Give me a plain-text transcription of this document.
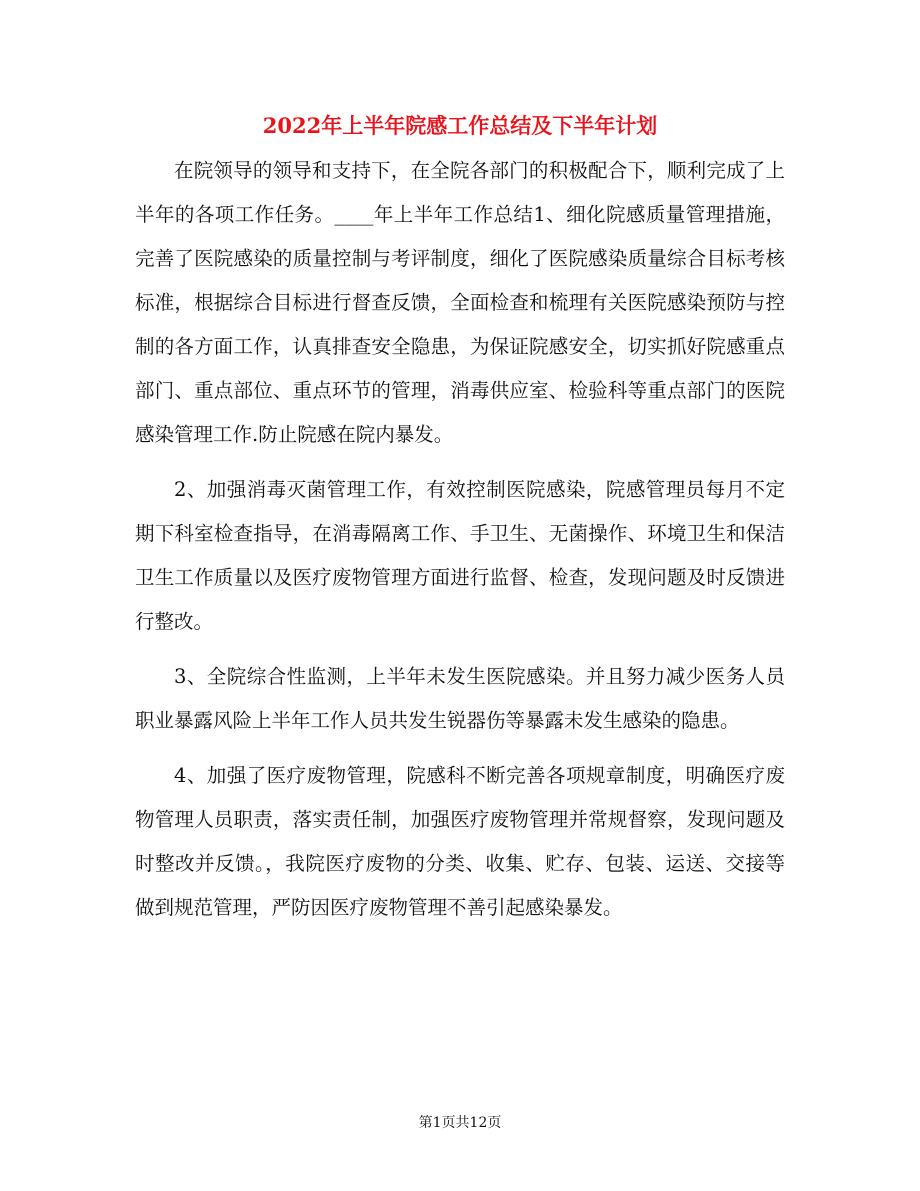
2022年上半年院感工作总结及下半年计划

在院领导的领导和支持下，在全院各部门的积极配合下，顺利完成了上半年的各项工作任务。____年上半年工作总结1、细化院感质量管理措施，完善了医院感染的质量控制与考评制度，细化了医院感染质量综合目标考核标准，根据综合目标进行督查反馈，全面检查和梳理有关医院感染预防与控制的各方面工作，认真排查安全隐患，为保证院感安全，切实抓好院感重点部门、重点部位、重点环节的管理，消毒供应室、检验科等重点部门的医院感染管理工作.防止院感在院内暴发。

2、加强消毒灭菌管理工作，有效控制医院感染，院感管理员每月不定期下科室检查指导，在消毒隔离工作、手卫生、无菌操作、环境卫生和保洁卫生工作质量以及医疗废物管理方面进行监督、检查，发现问题及时反馈进行整改。

3、全院综合性监测，上半年未发生医院感染。并且努力减少医务人员职业暴露风险上半年工作人员共发生锐器伤等暴露未发生感染的隐患。

4、加强了医疗废物管理，院感科不断完善各项规章制度，明确医疗废物管理人员职责，落实责任制，加强医疗废物管理并常规督察，发现问题及时整改并反馈。，我院医疗废物的分类、收集、贮存、包装、运送、交接等做到规范管理，严防因医疗废物管理不善引起感染暴发。

第1页共12页
